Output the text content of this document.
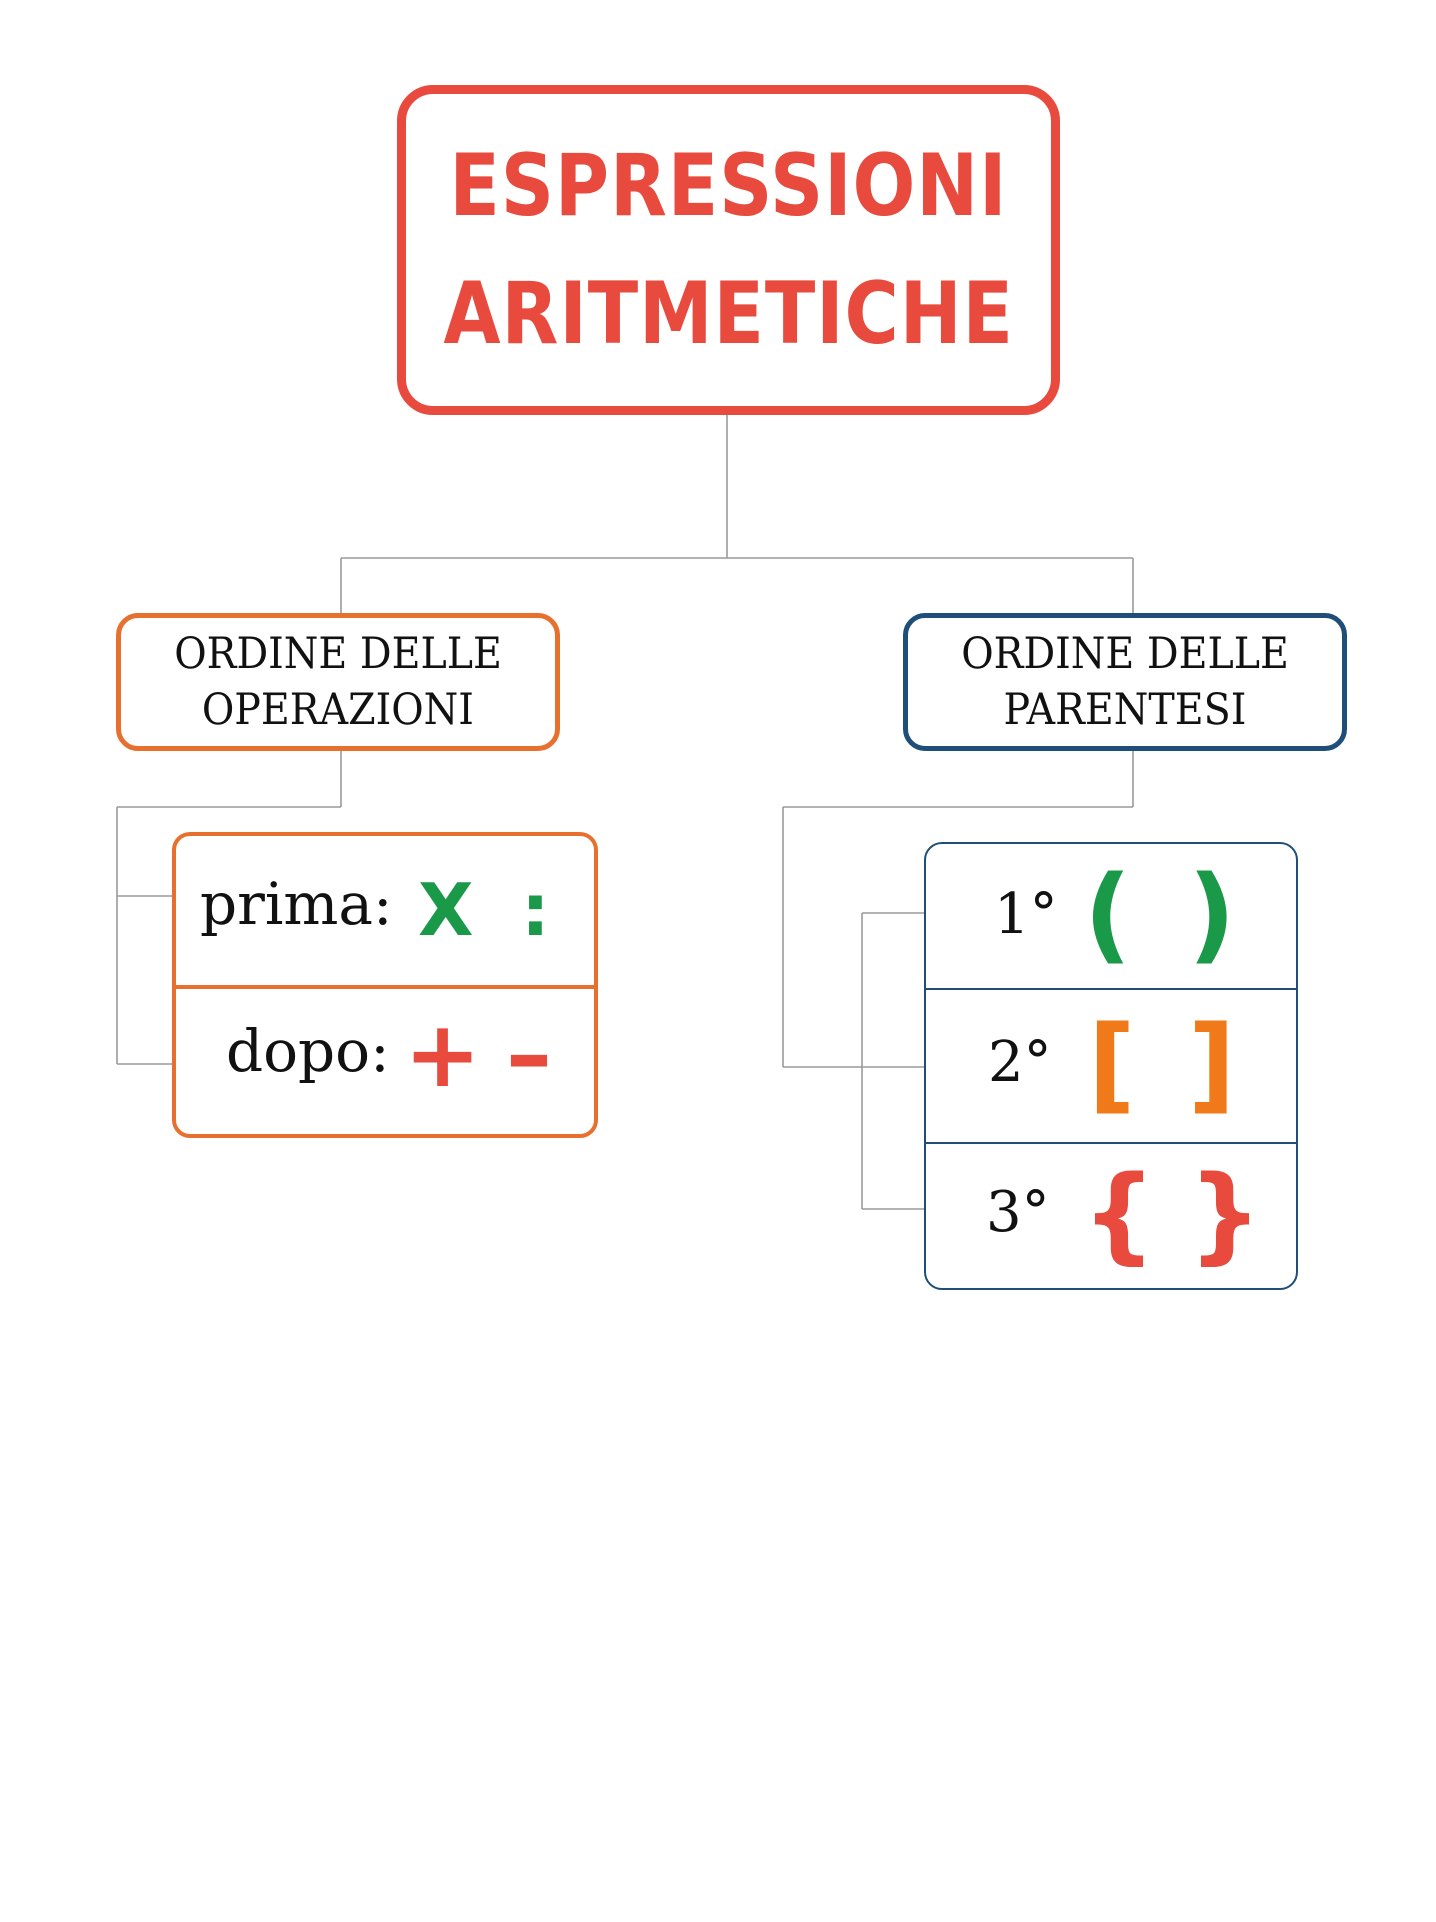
ESPRESSIONI
ARITMETICHE
ORDINE DELLE
OPERAZIONI
ORDINE DELLE
PARENTESI
prima: X :
dopo: + –
1° ( )
2° [ ]
3° { }
